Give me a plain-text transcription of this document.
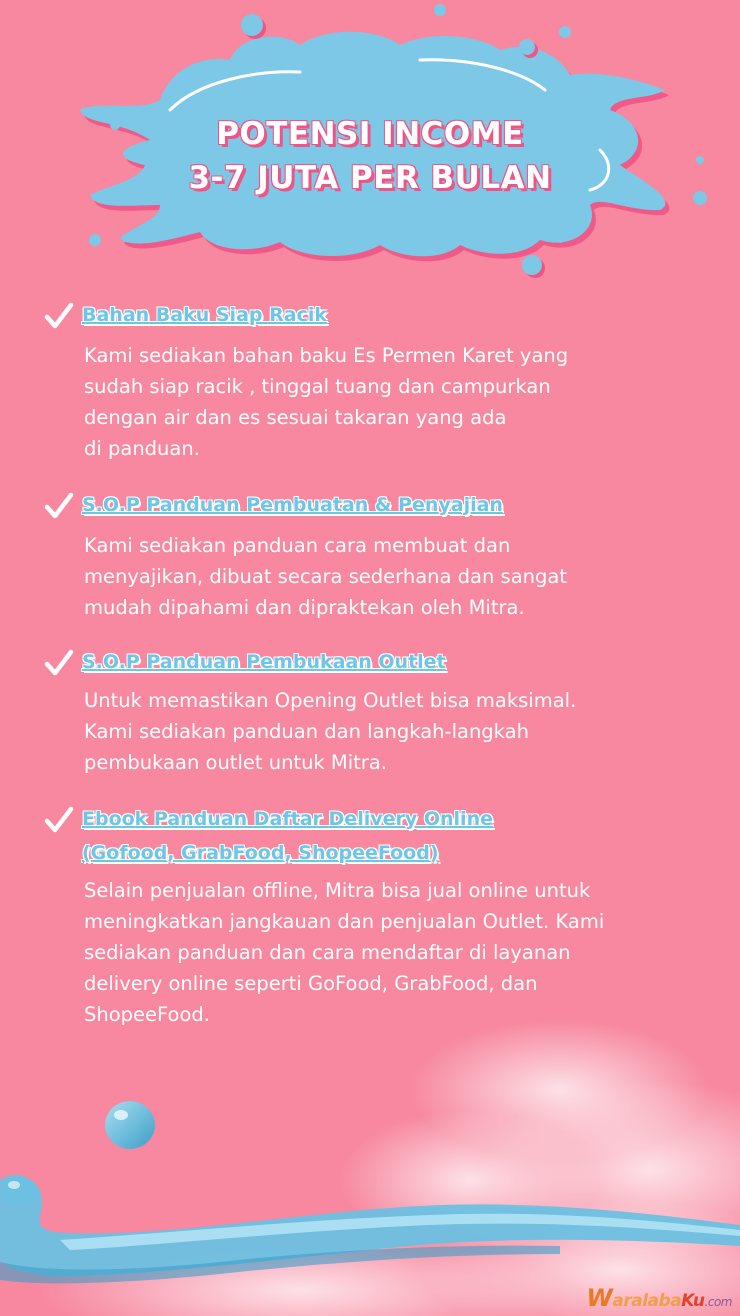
POTENSI INCOME
3-7 JUTA PER BULAN
Bahan Baku Siap Racik
Kami sediakan bahan baku Es Permen Karet yang
sudah siap racik , tinggal tuang dan campurkan
dengan air dan es sesuai takaran yang ada
di panduan.
S.O.P Panduan Pembuatan & Penyajian
Kami sediakan panduan cara membuat dan
menyajikan, dibuat secara sederhana dan sangat
mudah dipahami dan dipraktekan oleh Mitra.
S.O.P Panduan Pembukaan Outlet
Untuk memastikan Opening Outlet bisa maksimal.
Kami sediakan panduan dan langkah-langkah
pembukaan outlet untuk Mitra.
Ebook Panduan Daftar Delivery Online
(Gofood, GrabFood, ShopeeFood)
Selain penjualan offline, Mitra bisa jual online untuk
meningkatkan jangkauan dan penjualan Outlet. Kami
sediakan panduan dan cara mendaftar di layanan
delivery online seperti GoFood, GrabFood, dan
ShopeeFood.
WaralabaKu.com
